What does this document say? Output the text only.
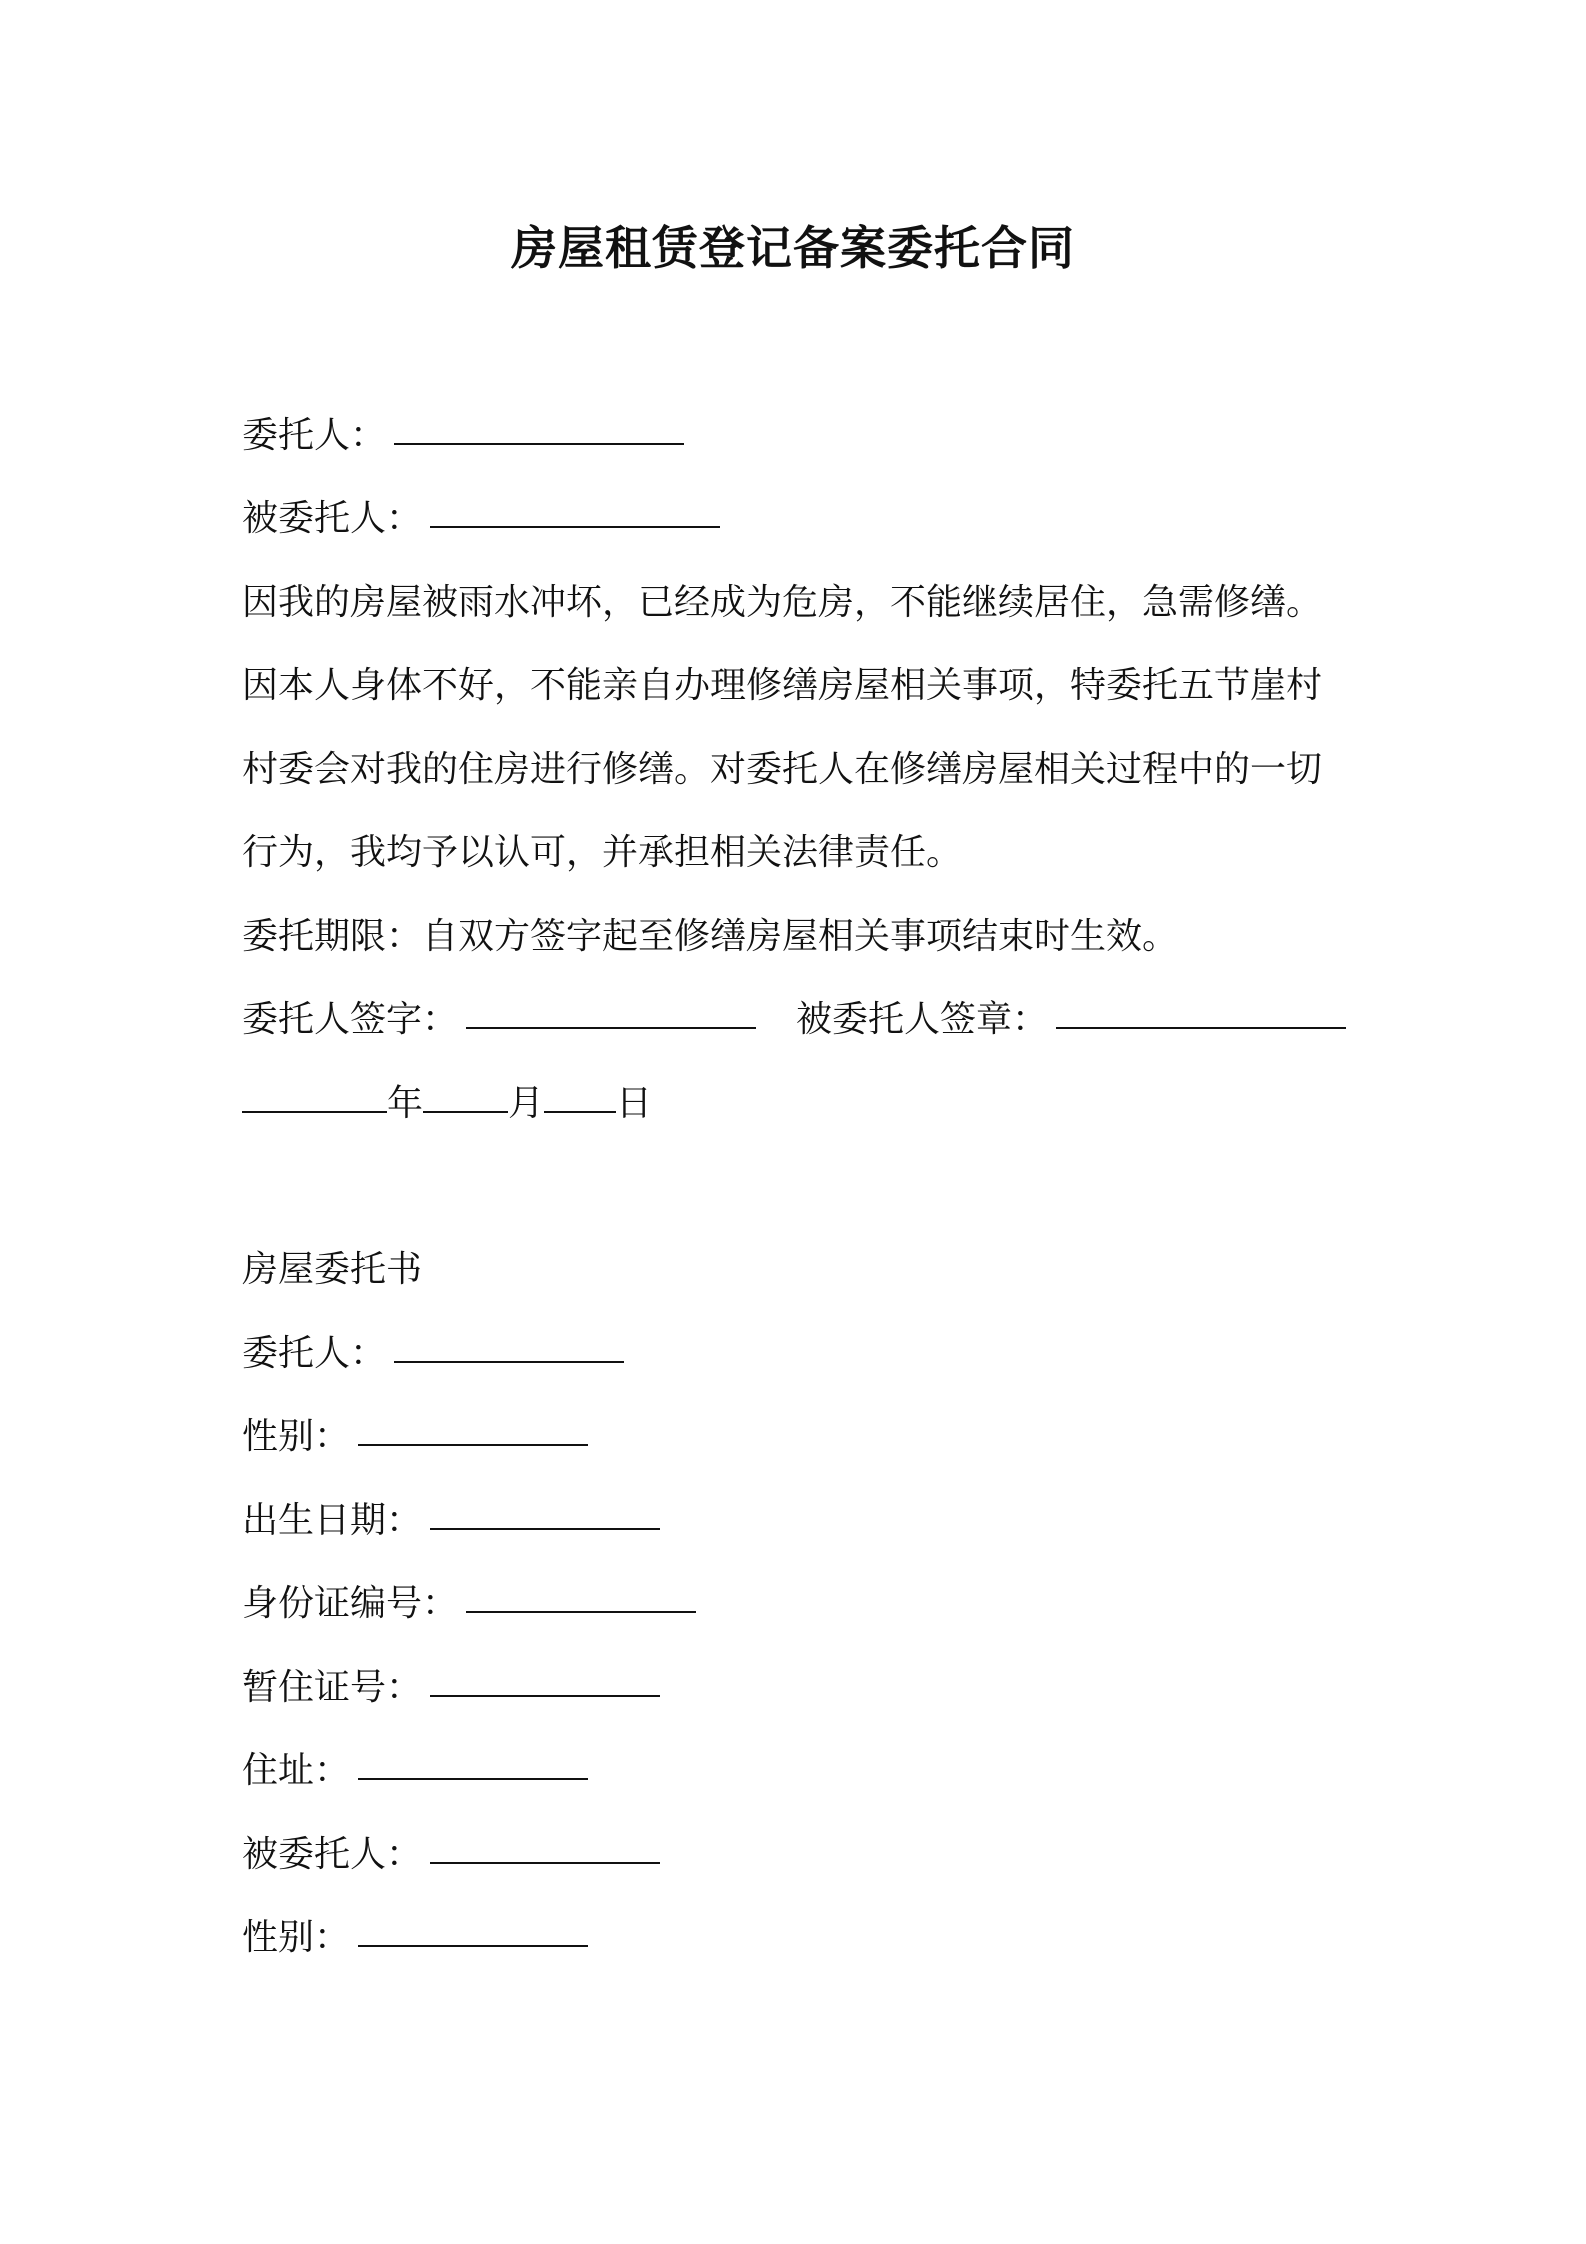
房屋租赁登记备案委托合同
委托人：
被委托人：
因我的房屋被雨水冲坏，已经成为危房，不能继续居住，急需修缮。
因本人身体不好，不能亲自办理修缮房屋相关事项，特委托五节崖村
村委会对我的住房进行修缮。对委托人在修缮房屋相关过程中的一切
行为，我均予以认可，并承担相关法律责任。
委托期限：自双方签字起至修缮房屋相关事项结束时生效。
委托人签字：	被委托人签章：
年 月 日
房屋委托书
委托人：
性别：
出生日期：
身份证编号：
暂住证号：
住址：
被委托人：
性别：
